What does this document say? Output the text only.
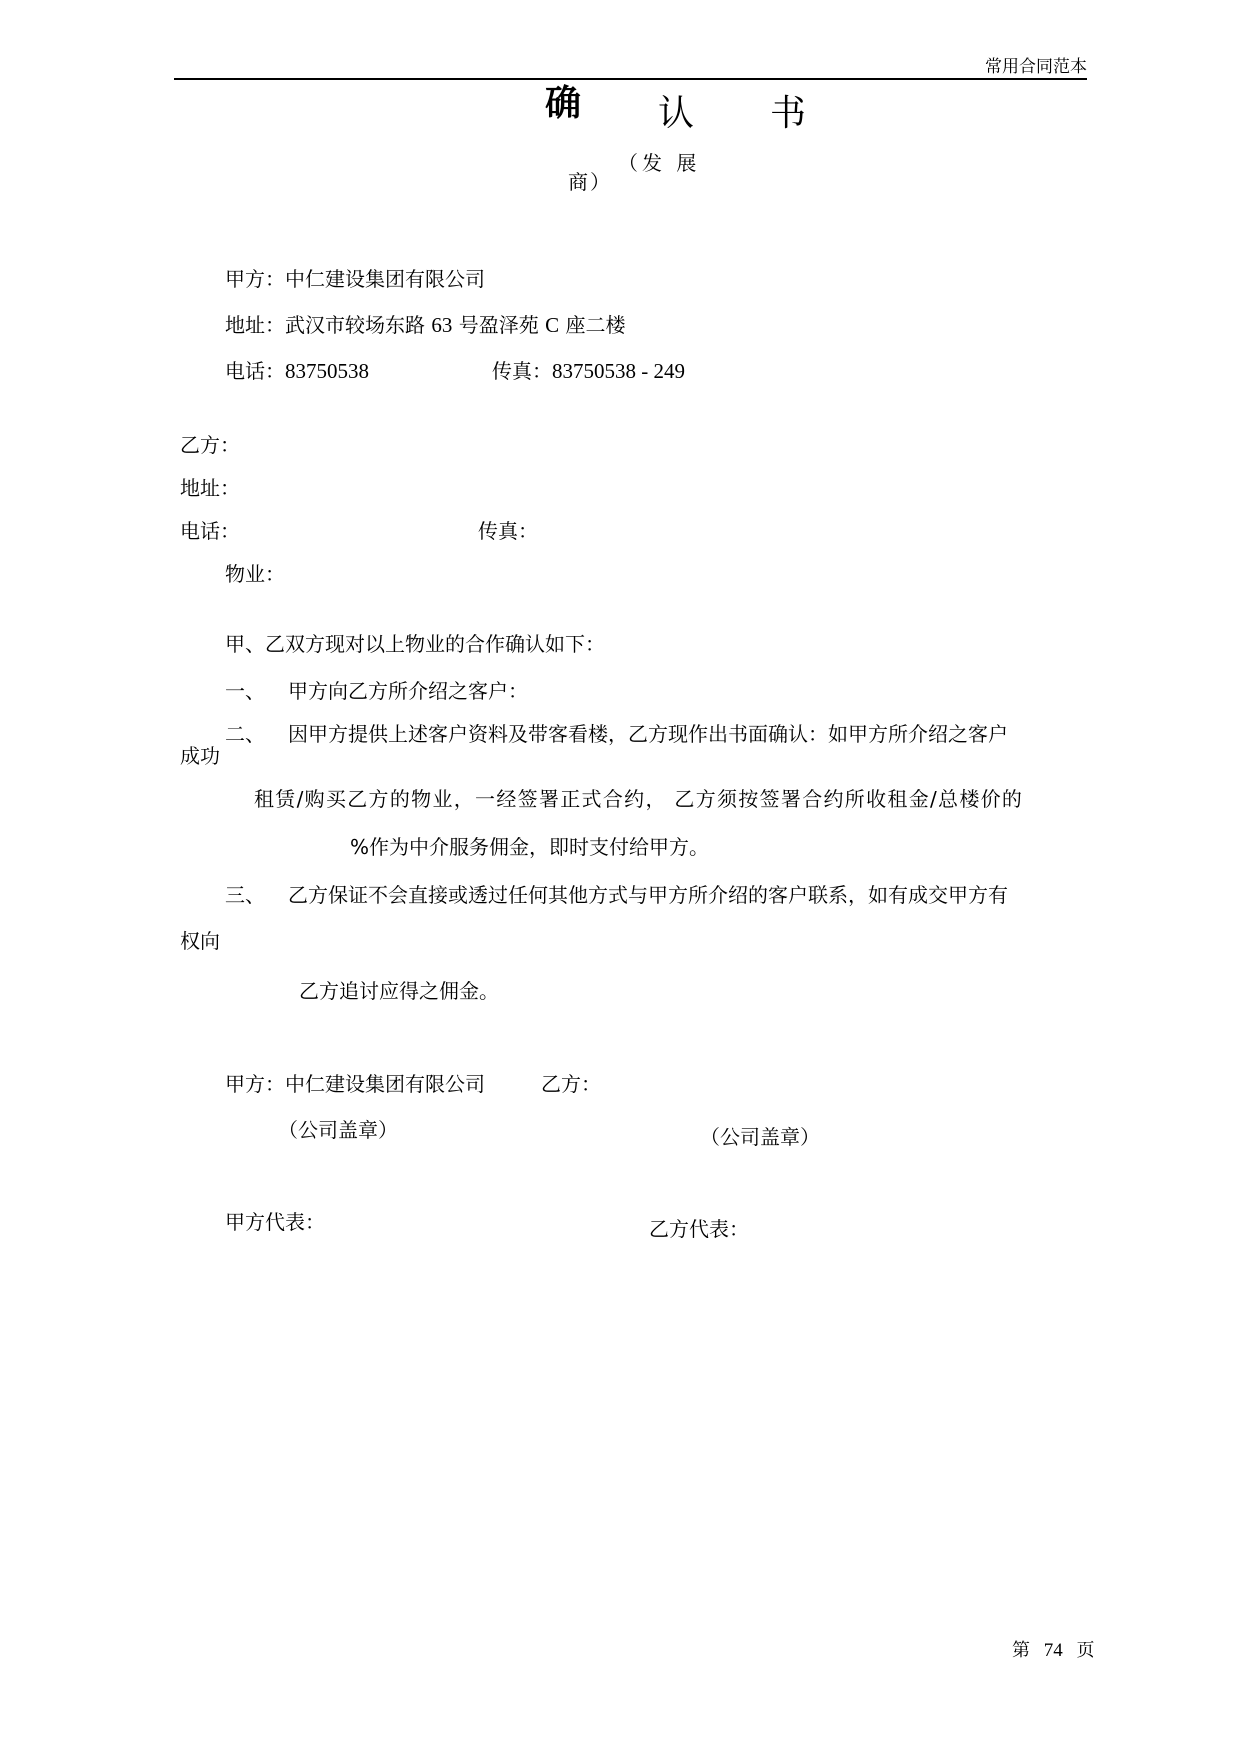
常用合同范本
确 认 书
（发 展
商）
甲方：中仁建设集团有限公司
地址：武汉市较场东路 63 号盈泽苑 C 座二楼
电话：83750538	传真：83750538 - 249
乙方：
地址：
电话：	传真：
物业：
甲、乙双方现对以上物业的合作确认如下：
一、 甲方向乙方所介绍之客户：
二、 因甲方提供上述客户资料及带客看楼，乙方现作出书面确认：如甲方所介绍之客户
成功
租赁/购买乙方的物业，一经签署正式合约， 乙方须按签署合约所收租金/总楼价的
%作为中介服务佣金，即时支付给甲方。
三、 乙方保证不会直接或透过任何其他方式与甲方所介绍的客户联系，如有成交甲方有
权向
乙方追讨应得之佣金。
甲方：中仁建设集团有限公司	乙方：
（公司盖章）	（公司盖章）
甲方代表：	乙方代表：
第 74 页
